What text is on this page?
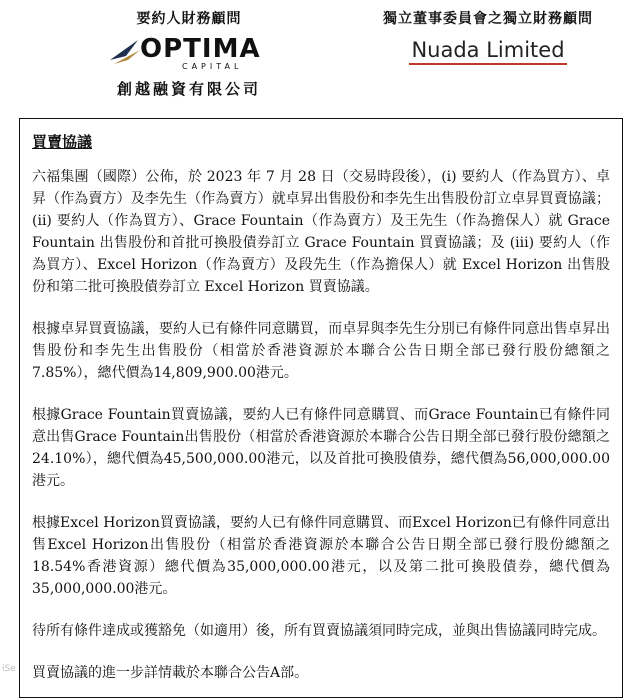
要約人財務顧問
OPTIMA
CAPITAL
創越融資有限公司
獨立董事委員會之獨立財務顧問
Nuada Limited
買賣協議

六福集團（國際）公佈，於 2023 年 7 月 28 日（交易時段後），(i) 要約人（作為買方）、卓昇（作為賣方）及李先生（作為賣方）就卓昇出售股份和李先生出售股份訂立卓昇買賣協議；(ii) 要約人（作為買方）、Grace Fountain（作為賣方）及王先生（作為擔保人）就 Grace Fountain 出售股份和首批可換股債券訂立 Grace Fountain 買賣協議；及 (iii) 要約人（作為買方）、Excel Horizon（作為賣方）及段先生（作為擔保人）就 Excel Horizon 出售股份和第二批可換股債券訂立 Excel Horizon 買賣協議。

根據卓昇買賣協議，要約人已有條件同意購買，而卓昇與李先生分別已有條件同意出售卓昇出售股份和李先生出售股份（相當於香港資源於本聯合公告日期全部已發行股份總額之7.85%），總代價為14,809,900.00港元。

根據Grace Fountain買賣協議，要約人已有條件同意購買、而Grace Fountain已有條件同意出售Grace Fountain出售股份（相當於香港資源於本聯合公告日期全部已發行股份總額之24.10%），總代價為45,500,000.00港元，以及首批可換股債券，總代價為56,000,000.00港元。

根據Excel Horizon買賣協議，要約人已有條件同意購買、而Excel Horizon已有條件同意出售Excel Horizon出售股份（相當於香港資源於本聯合公告日期全部已發行股份總額之18.54%香港資源）總代價為35,000,000.00港元，以及第二批可換股債券，總代價為35,000,000.00港元。

待所有條件達成或獲豁免（如適用）後，所有買賣協議須同時完成，並與出售協議同時完成。

買賣協議的進一步詳情載於本聯合公告A部。

iSe
